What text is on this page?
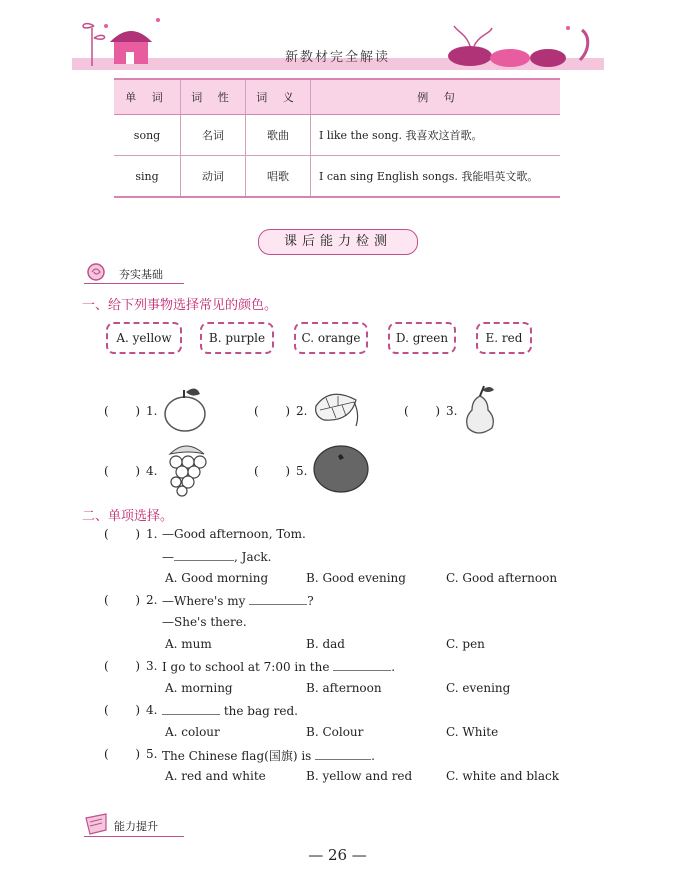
新教材完全解读
单 词	词 性	词 义	例 句
song	名词	歌曲	I like the song. 我喜欢这首歌。
sing	动词	唱歌	I can sing English songs. 我能唱英文歌。
课后能力检测
夯实基础
一、给下列事物选择常见的颜色。
A. yellow	B. purple	C. orange	D. green	E. red
(       ) 1.	(       ) 2.	(       ) 3.
(       ) 4.	(       ) 5.
二、单项选择。
(       ) 1. —Good afternoon, Tom.
—	, Jack.
A. Good morning	B. Good evening	C. Good afternoon
(       ) 2. —Where's my	?
—She's there.
A. mum	B. dad	C. pen
(       ) 3. I go to school at 7:00 in the	.
A. morning	B. afternoon	C. evening
(       ) 4.	the bag red.
A. colour	B. Colour	C. White
(       ) 5. The Chinese flag(国旗) is	.
A. red and white	B. yellow and red	C. white and black
能力提升
— 26 —
